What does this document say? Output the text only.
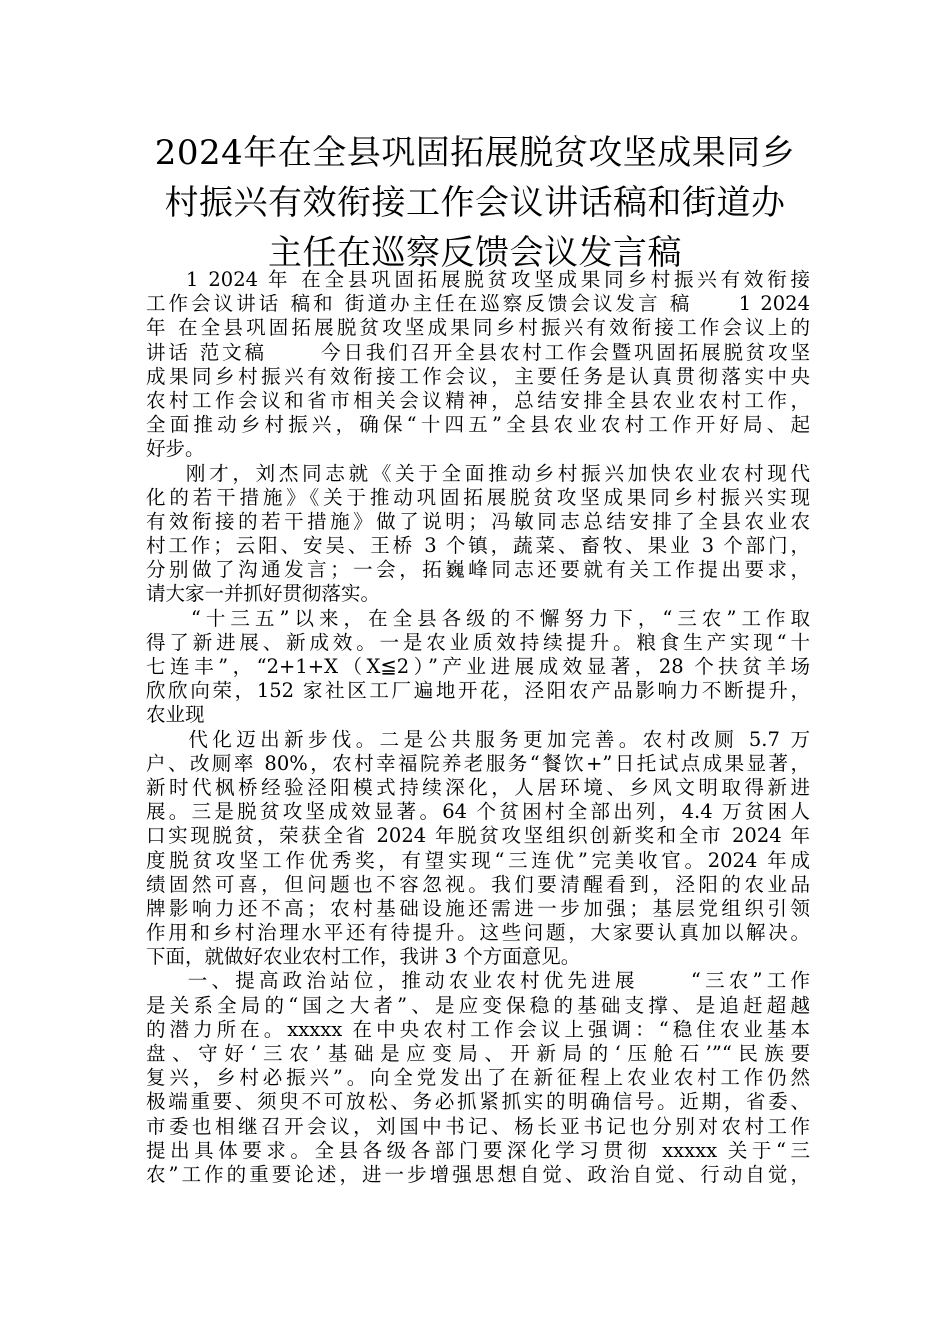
2024年在全县巩固拓展脱贫攻坚成果同乡
村振兴有效衔接工作会议讲话稿和街道办
主任在巡察反馈会议发言稿
1 2024 年 在全县巩固拓展脱贫攻坚成果同乡村振兴有效衔接
工作会议讲话 稿和 街道办主任在巡察反馈会议发言 稿     1 2024
年 在全县巩固拓展脱贫攻坚成果同乡村振兴有效衔接工作会议上的
讲话 范文稿      今日我们召开全县农村工作会暨巩固拓展脱贫攻坚
成果同乡村振兴有效衔接工作会议，主要任务是认真贯彻落实中央
农村工作会议和省市相关会议精神，总结安排全县农业农村工作，
全面推动乡村振兴，确保“十四五”全县农业农村工作开好局、起
好步。
刚才，刘杰同志就《关于全面推动乡村振兴加快农业农村现代
化的若干措施》《关于推动巩固拓展脱贫攻坚成果同乡村振兴实现
有效衔接的若干措施》做了说明；冯敏同志总结安排了全县农业农
村工作；云阳、安吴、王桥 3 个镇，蔬菜、畜牧、果业 3 个部门，
分别做了沟通发言；一会，拓巍峰同志还要就有关工作提出要求，
请大家一并抓好贯彻落实。
“十三五”以来，在全县各级的不懈努力下，“三农”工作取
得了新进展、新成效。一是农业质效持续提升。粮食生产实现“十
七连丰”，“2+1+X（X≦2）”产业进展成效显著，28 个扶贫羊场
欣欣向荣，152 家社区工厂遍地开花，泾阳农产品影响力不断提升，
农业现
代化迈出新步伐。二是公共服务更加完善。农村改厕 5.7 万
户、改厕率 80%，农村幸福院养老服务“餐饮+”日托试点成果显著，
新时代枫桥经验泾阳模式持续深化，人居环境、乡风文明取得新进
展。三是脱贫攻坚成效显著。64 个贫困村全部出列，4.4 万贫困人
口实现脱贫，荣获全省 2024 年脱贫攻坚组织创新奖和全市 2024 年
度脱贫攻坚工作优秀奖，有望实现“三连优”完美收官。2024 年成
绩固然可喜，但问题也不容忽视。我们要清醒看到，泾阳的农业品
牌影响力还不高；农村基础设施还需进一步加强；基层党组织引领
作用和乡村治理水平还有待提升。这些问题，大家要认真加以解决。
下面，就做好农业农村工作，我讲 3 个方面意见。
一、提高政治站位，推动农业农村优先进展     “三农”工作
是关系全局的“国之大者”、是应变保稳的基础支撑、是追赶超越
的潜力所在。xxxxx 在中央农村工作会议上强调：“稳住农业基本
盘、守好‘三农’基础是应变局、开新局的‘压舱石’”“民族要
复兴，乡村必振兴”。向全党发出了在新征程上农业农村工作仍然
极端重要、须臾不可放松、务必抓紧抓实的明确信号。近期，省委、
市委也相继召开会议，刘国中书记、杨长亚书记也分别对农村工作
提出具体要求。全县各级各部门要深化学习贯彻 xxxxx 关于“三
农”工作的重要论述，进一步增强思想自觉、政治自觉、行动自觉，
